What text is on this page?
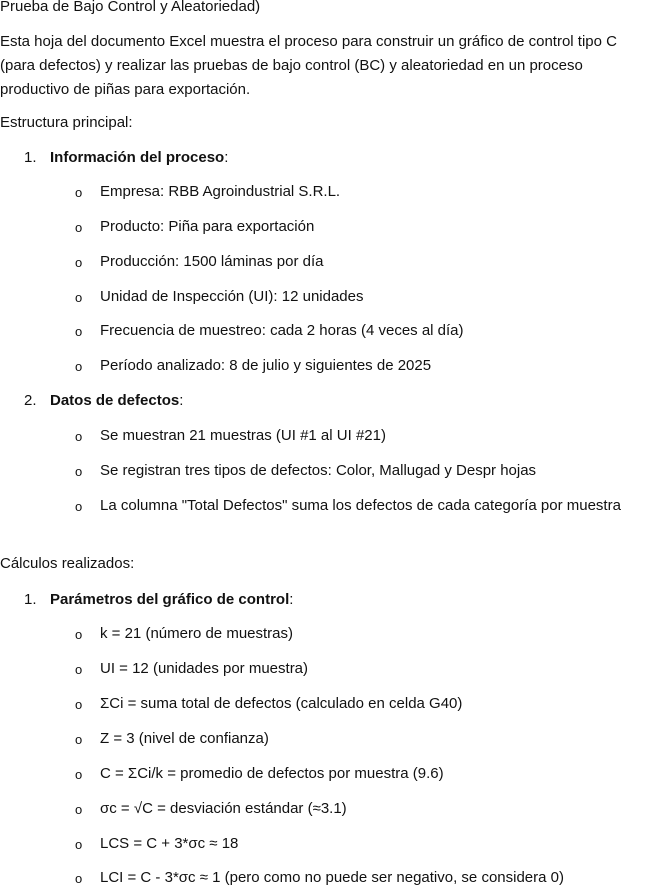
Prueba de Bajo Control y Aleatoriedad)
Esta hoja del documento Excel muestra el proceso para construir un gráfico de control tipo C (para defectos) y realizar las pruebas de bajo control (BC) y aleatoriedad en un proceso productivo de piñas para exportación.
Estructura principal:
1. Información del proceso:
o Empresa: RBB Agroindustrial S.R.L.
o Producto: Piña para exportación
o Producción: 1500 láminas por día
o Unidad de Inspección (UI): 12 unidades
o Frecuencia de muestreo: cada 2 horas (4 veces al día)
o Período analizado: 8 de julio y siguientes de 2025
2. Datos de defectos:
o Se muestran 21 muestras (UI #1 al UI #21)
o Se registran tres tipos de defectos: Color, Mallugad y Despr hojas
o La columna "Total Defectos" suma los defectos de cada categoría por muestra
Cálculos realizados:
1. Parámetros del gráfico de control:
o k = 21 (número de muestras)
o UI = 12 (unidades por muestra)
o ΣCi = suma total de defectos (calculado en celda G40)
o Z = 3 (nivel de confianza)
o C = ΣCi/k = promedio de defectos por muestra (9.6)
o σc = √C = desviación estándar (≈3.1)
o LCS = C + 3*σc ≈ 18
o LCI = C - 3*σc ≈ 1 (pero como no puede ser negativo, se considera 0)
